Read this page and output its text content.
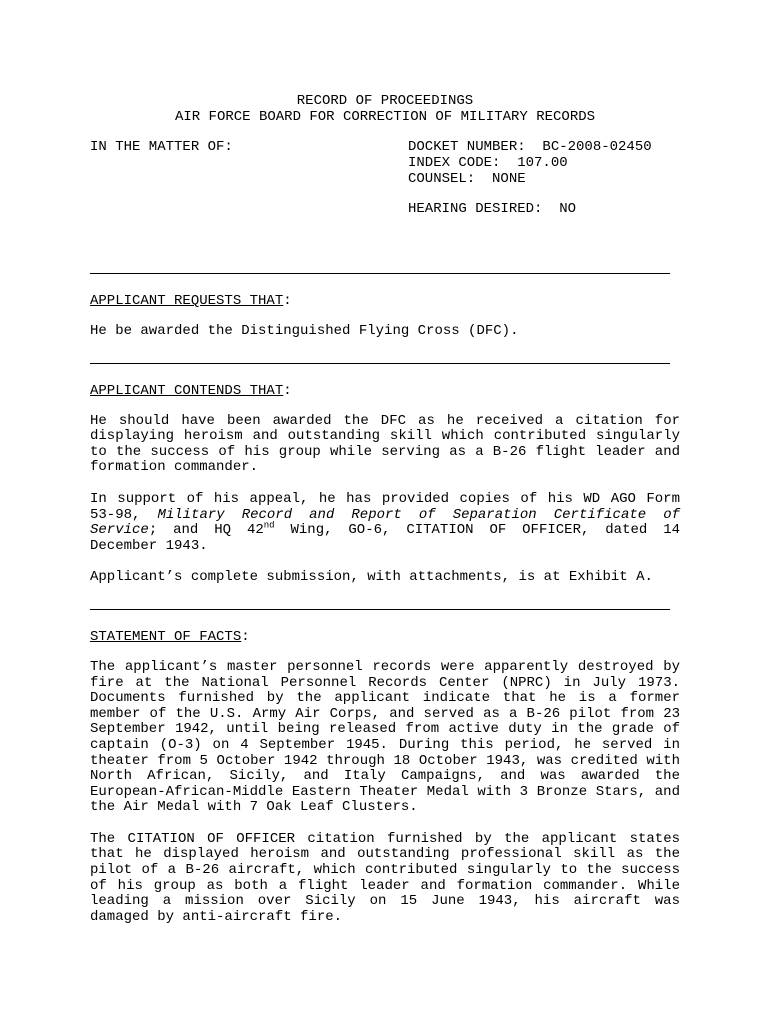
RECORD OF PROCEEDINGS

AIR FORCE BOARD FOR CORRECTION OF MILITARY RECORDS

IN THE MATTER OF:	DOCKET NUMBER:  BC-2008-02450
INDEX CODE:  107.00
COUNSEL:  NONE
HEARING DESIRED:  NO

APPLICANT REQUESTS THAT:

He be awarded the Distinguished Flying Cross (DFC).

APPLICANT CONTENDS THAT:

He should have been awarded the DFC as he received a citation for displaying heroism and outstanding skill which contributed singularly to the success of his group while serving as a B-26 flight leader and formation commander.

In support of his appeal, he has provided copies of his WD AGO Form 53-98, Military Record and Report of Separation Certificate of Service; and HQ 42nd Wing, GO-6, CITATION OF OFFICER, dated 14 December 1943.

Applicant’s complete submission, with attachments, is at Exhibit A.

STATEMENT OF FACTS:

The applicant’s master personnel records were apparently destroyed by fire at the National Personnel Records Center (NPRC) in July 1973. Documents furnished by the applicant indicate that he is a former member of the U.S. Army Air Corps, and served as a B-26 pilot from 23 September 1942, until being released from active duty in the grade of captain (O-3) on 4 September 1945. During this period, he served in theater from 5 October 1942 through 18 October 1943, was credited with North African, Sicily, and Italy Campaigns, and was awarded the European-African-Middle Eastern Theater Medal with 3 Bronze Stars, and the Air Medal with 7 Oak Leaf Clusters.

The CITATION OF OFFICER citation furnished by the applicant states that he displayed heroism and outstanding professional skill as the pilot of a B-26 aircraft, which contributed singularly to the success of his group as both a flight leader and formation commander. While leading a mission over Sicily on 15 June 1943, his aircraft was damaged by anti-aircraft fire.
